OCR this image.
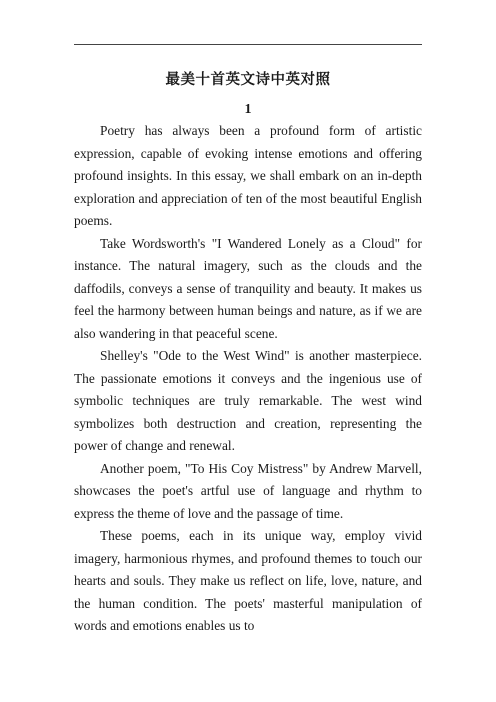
最美十首英文诗中英对照
1

Poetry has always been a profound form of artistic expression, capable of evoking intense emotions and offering profound insights. In this essay, we shall embark on an in-depth exploration and appreciation of ten of the most beautiful English poems.

Take Wordsworth's "I Wandered Lonely as a Cloud" for instance. The natural imagery, such as the clouds and the daffodils, conveys a sense of tranquility and beauty. It makes us feel the harmony between human beings and nature, as if we are also wandering in that peaceful scene.

Shelley's "Ode to the West Wind" is another masterpiece. The passionate emotions it conveys and the ingenious use of symbolic techniques are truly remarkable. The west wind symbolizes both destruction and creation, representing the power of change and renewal.

Another poem, "To His Coy Mistress" by Andrew Marvell, showcases the poet's artful use of language and rhythm to express the theme of love and the passage of time.

These poems, each in its unique way, employ vivid imagery, harmonious rhymes, and profound themes to touch our hearts and souls. They make us reflect on life, love, nature, and the human condition. The poets' masterful manipulation of words and emotions enables us to
